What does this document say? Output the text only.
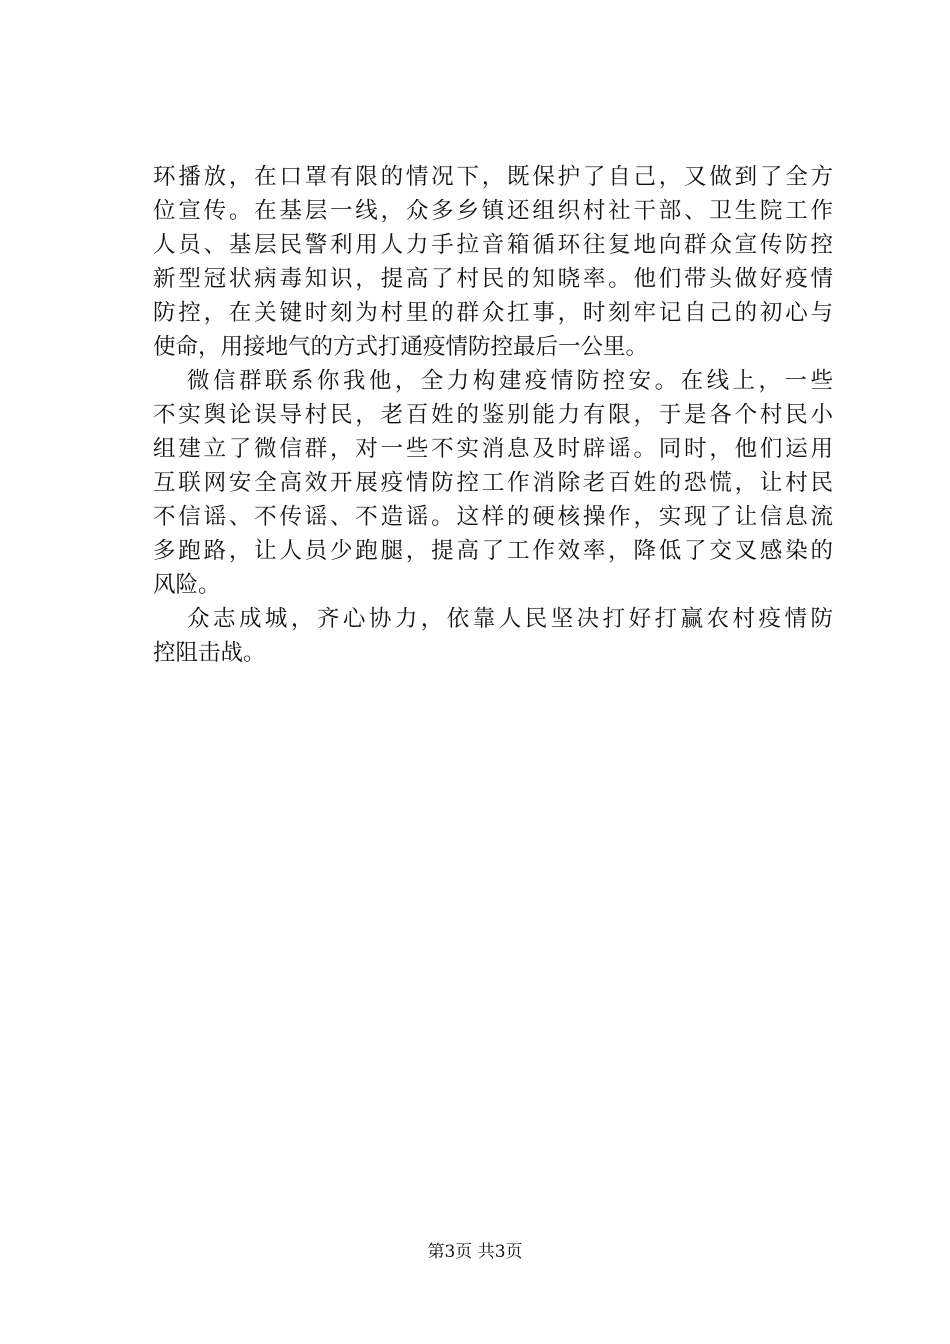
环播放，在口罩有限的情况下，既保护了自己，又做到了全方
位宣传。在基层一线，众多乡镇还组织村社干部、卫生院工作
人员、基层民警利用人力手拉音箱循环往复地向群众宣传防控
新型冠状病毒知识，提高了村民的知晓率。他们带头做好疫情
防控，在关键时刻为村里的群众扛事，时刻牢记自己的初心与
使命，用接地气的方式打通疫情防控最后一公里。
微信群联系你我他，全力构建疫情防控安。在线上，一些
不实舆论误导村民，老百姓的鉴别能力有限，于是各个村民小
组建立了微信群，对一些不实消息及时辟谣。同时，他们运用
互联网安全高效开展疫情防控工作消除老百姓的恐慌，让村民
不信谣、不传谣、不造谣。这样的硬核操作，实现了让信息流
多跑路，让人员少跑腿，提高了工作效率，降低了交叉感染的
风险。
众志成城，齐心协力，依靠人民坚决打好打赢农村疫情防
控阻击战。
第3页 共3页
